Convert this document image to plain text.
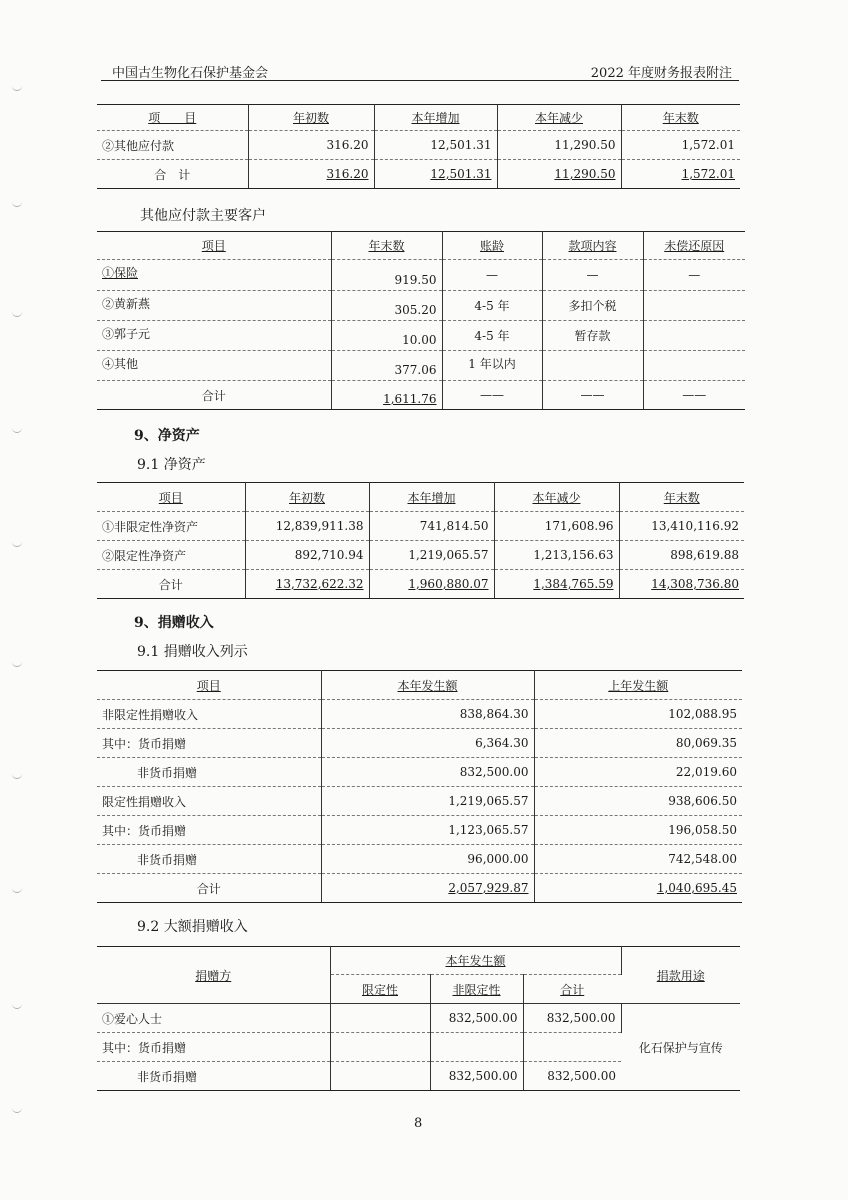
中国古生物化石保护基金会	2022 年度财务报表附注
项　　目	年初数	本年增加	本年减少	年末数
②其他应付款	316.20	12,501.31	11,290.50	1,572.01
合　计	316.20	12,501.31	11,290.50	1,572.01
其他应付款主要客户
项目	年末数	账龄	款项内容	未偿还原因
①保险	919.50	—	—	—
②黄新燕	305.20	4-5 年	多扣个税	
③郭子元	10.00	4-5 年	暂存款	
④其他	377.06	1 年以内		
合计	1,611.76	——	——	——
9、净资产
9.1 净资产
项目	年初数	本年增加	本年减少	年末数
①非限定性净资产	12,839,911.38	741,814.50	171,608.96	13,410,116.92
②限定性净资产	892,710.94	1,219,065.57	1,213,156.63	898,619.88
合计	13,732,622.32	1,960,880.07	1,384,765.59	14,308,736.80
9、捐赠收入
9.1 捐赠收入列示
项目	本年发生额	上年发生额
非限定性捐赠收入	838,864.30	102,088.95
其中：货币捐赠	6,364.30	80,069.35
非货币捐赠	832,500.00	22,019.60
限定性捐赠收入	1,219,065.57	938,606.50
其中：货币捐赠	1,123,065.57	196,058.50
非货币捐赠	96,000.00	742,548.00
合计	2,057,929.87	1,040,695.45
9.2 大额捐赠收入
捐赠方	本年发生额			捐款用途
	限定性	非限定性	合计	
①爱心人士		832,500.00	832,500.00	化石保护与宣传
其中：货币捐赠				
非货币捐赠		832,500.00	832,500.00	
8
